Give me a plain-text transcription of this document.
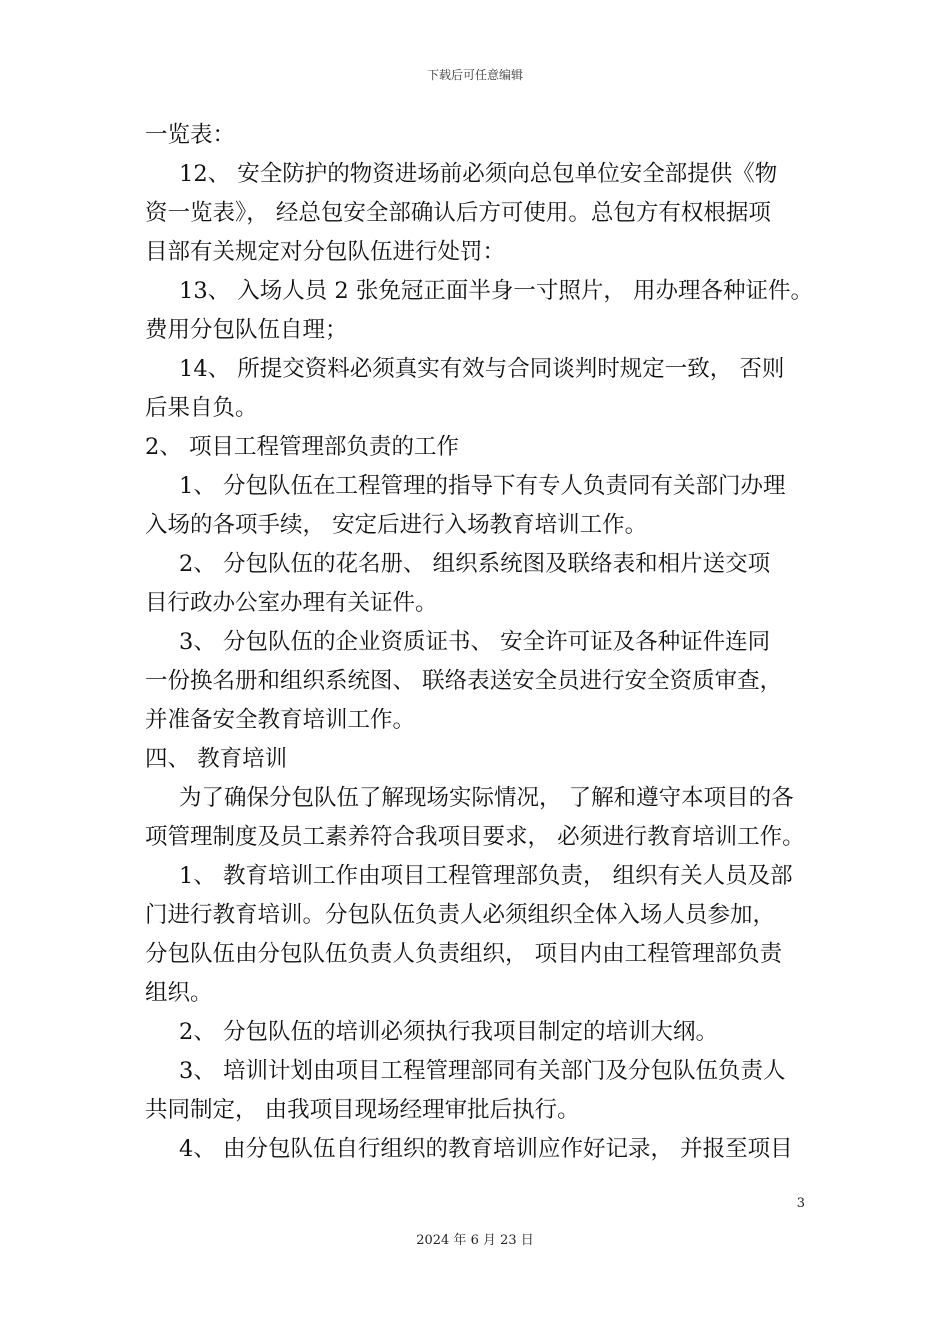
下载后可任意编辑
一览表：
12、 安全防护的物资进场前必须向总包单位安全部提供《物
资一览表》， 经总包安全部确认后方可使用。总包方有权根据项
目部有关规定对分包队伍进行处罚：
13、 入场人员 2 张免冠正面半身一寸照片， 用办理各种证件。
费用分包队伍自理；
14、 所提交资料必须真实有效与合同谈判时规定一致， 否则
后果自负。
2、 项目工程管理部负责的工作
1、 分包队伍在工程管理的指导下有专人负责同有关部门办理
入场的各项手续， 安定后进行入场教育培训工作。
2、 分包队伍的花名册、 组织系统图及联络表和相片送交项
目行政办公室办理有关证件。
3、 分包队伍的企业资质证书、 安全许可证及各种证件连同
一份换名册和组织系统图、 联络表送安全员进行安全资质审查，
并准备安全教育培训工作。
四、 教育培训
为了确保分包队伍了解现场实际情况， 了解和遵守本项目的各
项管理制度及员工素养符合我项目要求， 必须进行教育培训工作。
1、 教育培训工作由项目工程管理部负责， 组织有关人员及部
门进行教育培训。分包队伍负责人必须组织全体入场人员参加，
分包队伍由分包队伍负责人负责组织， 项目内由工程管理部负责
组织。
2、 分包队伍的培训必须执行我项目制定的培训大纲。
3、 培训计划由项目工程管理部同有关部门及分包队伍负责人
共同制定， 由我项目现场经理审批后执行。
4、 由分包队伍自行组织的教育培训应作好记录， 并报至项目
3
2024 年 6 月 23 日
